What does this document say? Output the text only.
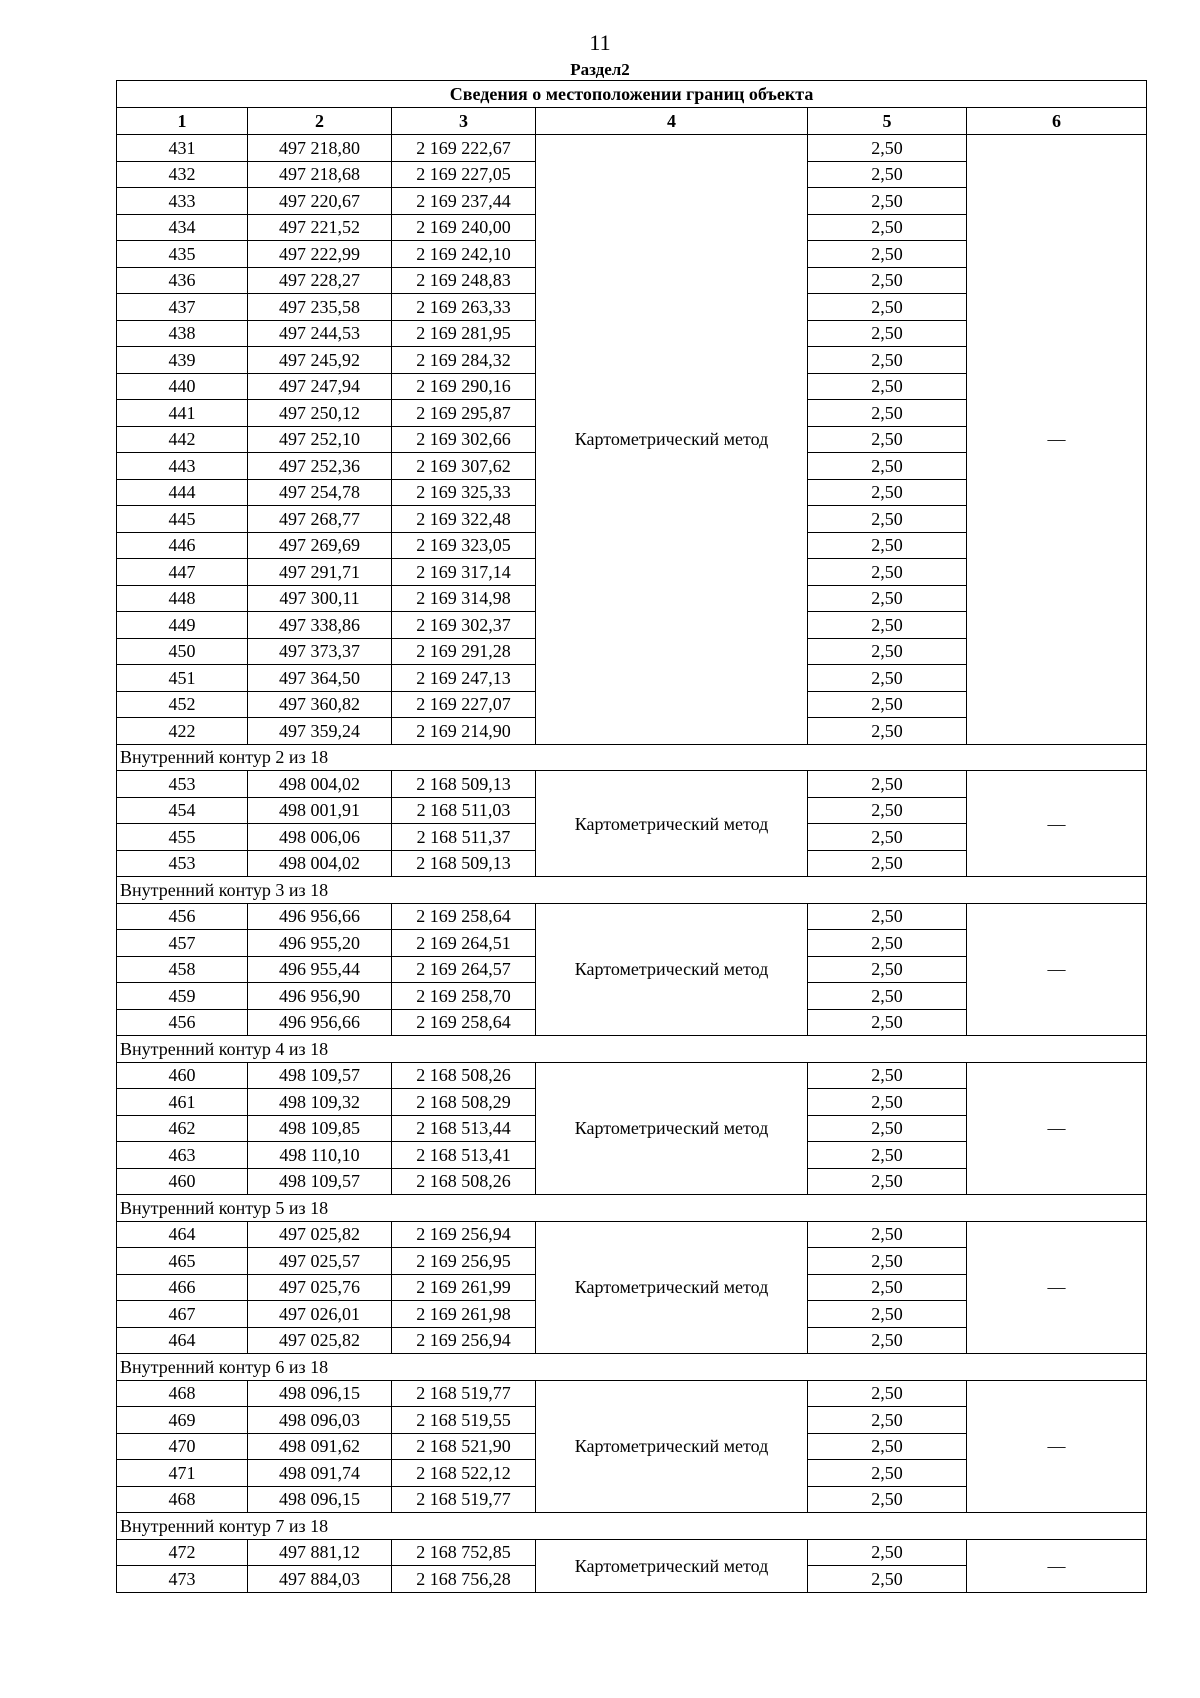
11
Раздел2
Сведения о местоположении границ объекта					
1	2	3	4	5	6
431	497 218,80	2 169 222,67	Картометрический метод	2,50	—
432	497 218,68	2 169 227,05		2,50	
433	497 220,67	2 169 237,44		2,50	
434	497 221,52	2 169 240,00		2,50	
435	497 222,99	2 169 242,10		2,50	
436	497 228,27	2 169 248,83		2,50	
437	497 235,58	2 169 263,33		2,50	
438	497 244,53	2 169 281,95		2,50	
439	497 245,92	2 169 284,32		2,50	
440	497 247,94	2 169 290,16		2,50	
441	497 250,12	2 169 295,87		2,50	
442	497 252,10	2 169 302,66		2,50	
443	497 252,36	2 169 307,62		2,50	
444	497 254,78	2 169 325,33		2,50	
445	497 268,77	2 169 322,48		2,50	
446	497 269,69	2 169 323,05		2,50	
447	497 291,71	2 169 317,14		2,50	
448	497 300,11	2 169 314,98		2,50	
449	497 338,86	2 169 302,37		2,50	
450	497 373,37	2 169 291,28		2,50	
451	497 364,50	2 169 247,13		2,50	
452	497 360,82	2 169 227,07		2,50	
422	497 359,24	2 169 214,90		2,50	
Внутренний контур 2 из 18					
453	498 004,02	2 168 509,13	Картометрический метод	2,50	—
454	498 001,91	2 168 511,03		2,50	
455	498 006,06	2 168 511,37		2,50	
453	498 004,02	2 168 509,13		2,50	
Внутренний контур 3 из 18					
456	496 956,66	2 169 258,64	Картометрический метод	2,50	—
457	496 955,20	2 169 264,51		2,50	
458	496 955,44	2 169 264,57		2,50	
459	496 956,90	2 169 258,70		2,50	
456	496 956,66	2 169 258,64		2,50	
Внутренний контур 4 из 18					
460	498 109,57	2 168 508,26	Картометрический метод	2,50	—
461	498 109,32	2 168 508,29		2,50	
462	498 109,85	2 168 513,44		2,50	
463	498 110,10	2 168 513,41		2,50	
460	498 109,57	2 168 508,26		2,50	
Внутренний контур 5 из 18					
464	497 025,82	2 169 256,94	Картометрический метод	2,50	—
465	497 025,57	2 169 256,95		2,50	
466	497 025,76	2 169 261,99		2,50	
467	497 026,01	2 169 261,98		2,50	
464	497 025,82	2 169 256,94		2,50	
Внутренний контур 6 из 18					
468	498 096,15	2 168 519,77	Картометрический метод	2,50	—
469	498 096,03	2 168 519,55		2,50	
470	498 091,62	2 168 521,90		2,50	
471	498 091,74	2 168 522,12		2,50	
468	498 096,15	2 168 519,77		2,50	
Внутренний контур 7 из 18					
472	497 881,12	2 168 752,85	Картометрический метод	2,50	—
473	497 884,03	2 168 756,28		2,50	
